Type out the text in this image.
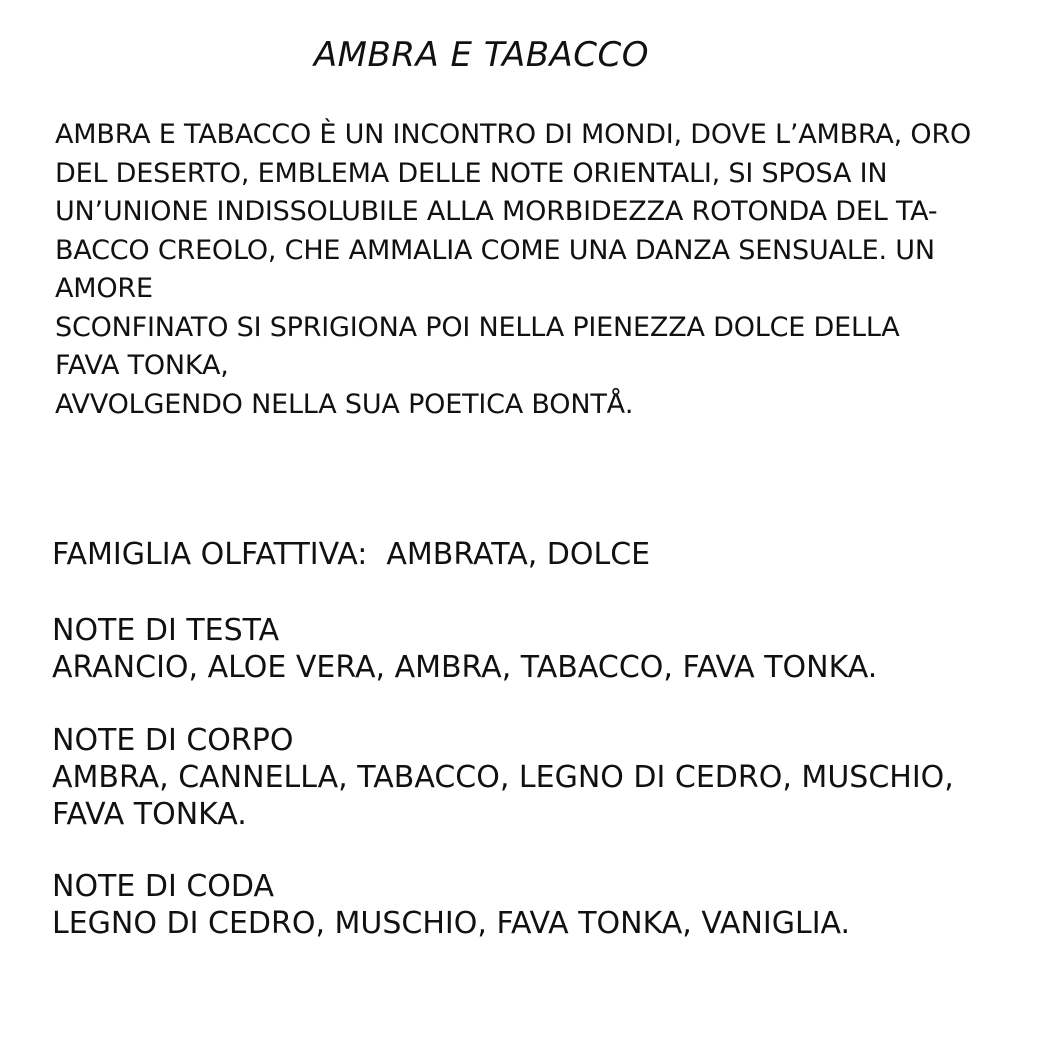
AMBRA E TABACCO
AMBRA E TABACCO È UN INCONTRO DI MONDI, DOVE L’AMBRA, ORO
DEL DESERTO, EMBLEMA DELLE NOTE ORIENTALI, SI SPOSA IN
UN’UNIONE INDISSOLUBILE ALLA MORBIDEZZA ROTONDA DEL TA-
BACCO CREOLO, CHE AMMALIA COME UNA DANZA SENSUALE. UN
AMORE
SCONFINATO SI SPRIGIONA POI NELLA PIENEZZA DOLCE DELLA
FAVA TONKA,
AVVOLGENDO NELLA SUA POETICA BONTÅ.
FAMIGLIA OLFATTIVA:  AMBRATA, DOLCE
NOTE DI TESTA
ARANCIO, ALOE VERA, AMBRA, TABACCO, FAVA TONKA.
NOTE DI CORPO
AMBRA, CANNELLA, TABACCO, LEGNO DI CEDRO, MUSCHIO,
FAVA TONKA.
NOTE DI CODA
LEGNO DI CEDRO, MUSCHIO, FAVA TONKA, VANIGLIA.
